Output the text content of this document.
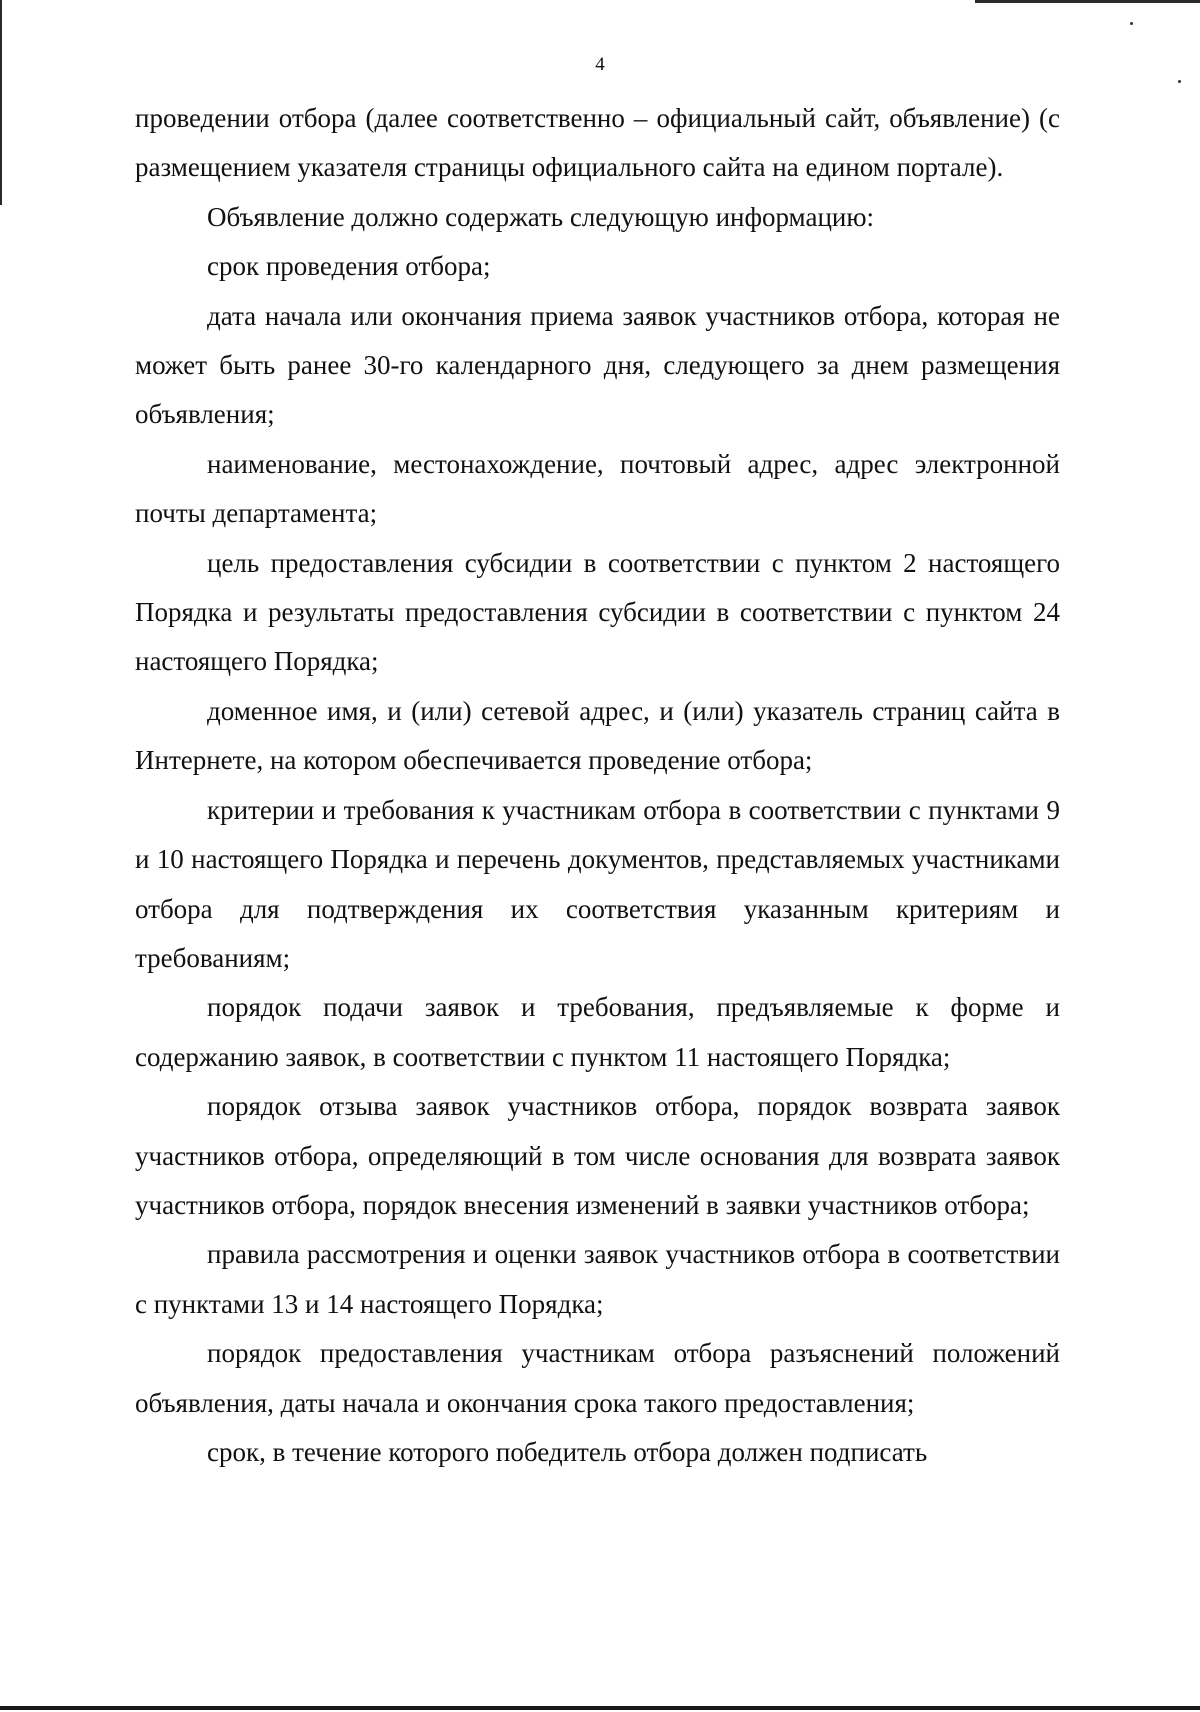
4

проведении отбора (далее соответственно – официальный сайт, объявление) (с размещением указателя страницы официального сайта на едином портале).

Объявление должно содержать следующую информацию:

срок проведения отбора;

дата начала или окончания приема заявок участников отбора, которая не может быть ранее 30-го календарного дня, следующего за днем размещения объявления;

наименование, местонахождение, почтовый адрес, адрес электронной почты департамента;

цель предоставления субсидии в соответствии с пунктом 2 настоящего Порядка и результаты предоставления субсидии в соответствии с пунктом 24 настоящего Порядка;

доменное имя, и (или) сетевой адрес, и (или) указатель страниц сайта в Интернете, на котором обеспечивается проведение отбора;

критерии и требования к участникам отбора в соответствии с пунктами 9 и 10 настоящего Порядка и перечень документов, представляемых участниками отбора для подтверждения их соответствия указанным критериям и требованиям;

порядок подачи заявок и требования, предъявляемые к форме и содержанию заявок, в соответствии с пунктом 11 настоящего Порядка;

порядок отзыва заявок участников отбора, порядок возврата заявок участников отбора, определяющий в том числе основания для возврата заявок участников отбора, порядок внесения изменений в заявки участников отбора;

правила рассмотрения и оценки заявок участников отбора в соответствии с пунктами 13 и 14 настоящего Порядка;

порядок предоставления участникам отбора разъяснений положений объявления, даты начала и окончания срока такого предоставления;

срок, в течение которого победитель отбора должен подписать
